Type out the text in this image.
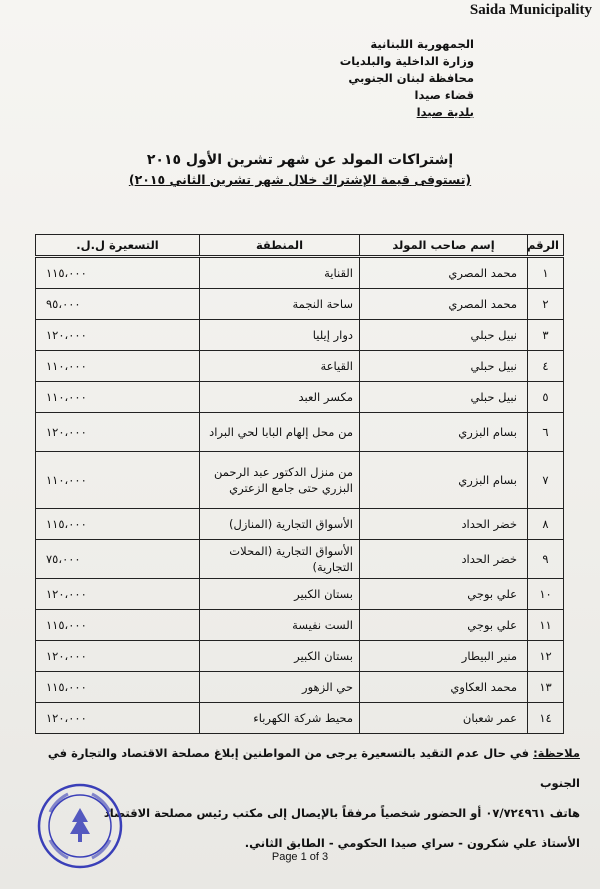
Saida Municipality
الجمهورية اللبنانية
وزارة الداخلية والبلديات
محافظة لبنان الجنوبي
قضاء صيدا
بلدية صيدا
إشتراكات المولد عن شهر تشرين الأول ٢٠١٥
(تستوفى قيمة الإشتراك خلال شهر تشرين الثاني ٢٠١٥)
الرقم	إسم صاحب المولد	المنطقة	التسعيرة ل.ل.
١	محمد المصري	القناية	١١٥،٠٠٠
٢	محمد المصري	ساحة النجمة	٩٥،٠٠٠
٣	نبيل حبلي	دوار إيليا	١٢٠،٠٠٠
٤	نبيل حبلي	القياعة	١١٠،٠٠٠
٥	نبيل حبلي	مكسر العبد	١١٠،٠٠٠
٦	بسام البزري	من محل إلهام البابا لحي البراد	١٢٠،٠٠٠
٧	بسام البزري	من منزل الدكتور عبد الرحمن البزري حتى جامع الزعتري	١١٠،٠٠٠
٨	خضر الحداد	الأسواق التجارية (المنازل)	١١٥،٠٠٠
٩	خضر الحداد	الأسواق التجارية (المحلات التجارية)	٧٥،٠٠٠
١٠	علي بوجي	بستان الكبير	١٢٠،٠٠٠
١١	علي بوجي	الست نفيسة	١١٥،٠٠٠
١٢	منير البيطار	بستان الكبير	١٢٠،٠٠٠
١٣	محمد العكاوي	حي الزهور	١١٥،٠٠٠
١٤	عمر شعبان	محيط شركة الكهرباء	١٢٠،٠٠٠
ملاحظة: في حال عدم التقيد بالتسعيرة يرجى من المواطنين إبلاغ مصلحة الاقتصاد والتجارة في الجنوب
هاتف ٠٧/٧٢٤٩٦١ أو الحضور شخصياً مرفقاً بالإيصال إلى مكتب رئيس مصلحة الاقتصاد
الأستاذ علي شكرون - سراي صيدا الحكومي - الطابق الثاني.
Page 1 of 3
